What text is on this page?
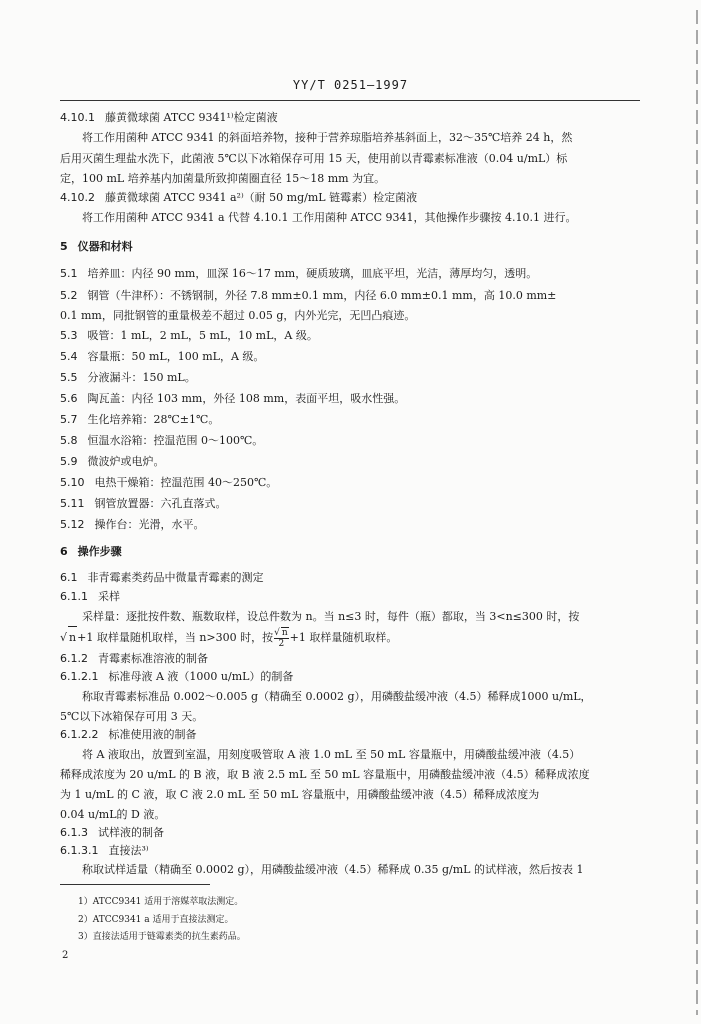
YY/T 0251—1997
4.10.1 藤黄微球菌 ATCC 9341¹⁾检定菌液
将工作用菌种 ATCC 9341 的斜面培养物，接种于营养琼脂培养基斜面上，32～35℃培养 24 h，然
后用灭菌生理盐水洗下，此菌液 5℃以下冰箱保存可用 15 天，使用前以青霉素标准液（0.04 u/mL）标
定，100 mL 培养基内加菌量所致抑菌圈直径 15～18 mm 为宜。
4.10.2 藤黄微球菌 ATCC 9341 a²⁾（耐 50 mg/mL 链霉素）检定菌液
将工作用菌种 ATCC 9341 a 代替 4.10.1 工作用菌种 ATCC 9341，其他操作步骤按 4.10.1 进行。
5 仪器和材料
5.1 培养皿：内径 90 mm，皿深 16～17 mm，硬质玻璃，皿底平坦，光洁，薄厚均匀，透明。
5.2 钢管（牛津杯）：不锈钢制，外径 7.8 mm±0.1 mm，内径 6.0 mm±0.1 mm，高 10.0 mm±
0.1 mm，同批钢管的重量极差不超过 0.05 g，内外光完，无凹凸痕迹。
5.3 吸管：1 mL，2 mL，5 mL，10 mL，A 级。
5.4 容量瓶：50 mL，100 mL，A 级。
5.5 分液漏斗：150 mL。
5.6 陶瓦盖：内径 103 mm，外径 108 mm，表面平坦，吸水性强。
5.7 生化培养箱：28℃±1℃。
5.8 恒温水浴箱：控温范围 0～100℃。
5.9 微波炉或电炉。
5.10 电热干燥箱：控温范围 40～250℃。
5.11 钢管放置器：六孔直落式。
5.12 操作台：光滑，水平。
6 操作步骤
6.1 非青霉素类药品中微量青霉素的测定
6.1.1 采样
采样量：逐批按件数、瓶数取样，设总件数为 n。当 n≤3 时，每件（瓶）都取，当 3<n≤300 时，按
√ n+1 取样量随机取样，当 n>300 时，按 $\frac{√ n}{2} +1$ 取样量随机取样。
6.1.2 青霉素标准溶液的制备
6.1.2.1 标准母液 A 液（1000 u/mL）的制备
称取青霉素标准品 0.002～0.005 g（精确至 0.0002 g），用磷酸盐缓冲液（4.5）稀释成1000 u/mL，
5℃以下冰箱保存可用 3 天。
6.1.2.2 标准使用液的制备
将 A 液取出，放置到室温，用刻度吸管取 A 液 1.0 mL 至 50 mL 容量瓶中，用磷酸盐缓冲液（4.5）
稀释成浓度为 20 u/mL 的 B 液，取 B 液 2.5 mL 至 50 mL 容量瓶中，用磷酸盐缓冲液（4.5）稀释成浓度
为 1 u/mL 的 C 液，取 C 液 2.0 mL 至 50 mL 容量瓶中，用磷酸盐缓冲液（4.5）稀释成浓度为
0.04 u/mL的 D 液。
6.1.3 试样液的制备
6.1.3.1 直接法³⁾
称取试样适量（精确至 0.0002 g），用磷酸盐缓冲液（4.5）稀释成 0.35 g/mL 的试样液，然后按表 1
1）ATCC9341 适用于溶媒萃取法测定。
2）ATCC9341 a 适用于直接法测定。
3）直接法适用于链霉素类的抗生素药品。
2
